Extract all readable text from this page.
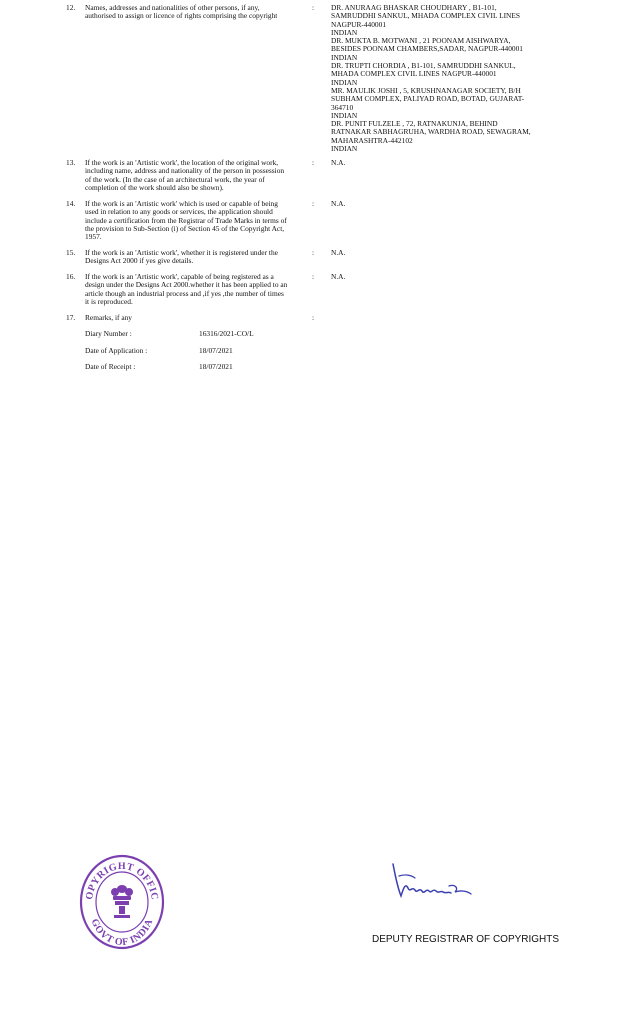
12.	Names, addresses and nationalities of other persons, if any,
authorised to assign or licence of rights comprising the copyright
:	DR. ANURAAG BHASKAR CHOUDHARY , B1-101,
SAMRUDDHI SANKUL, MHADA COMPLEX CIVIL LINES
NAGPUR-440001
INDIAN
DR. MUKTA B. MOTWANI , 21 POONAM AISHWARYA,
BESIDES POONAM CHAMBERS,SADAR, NAGPUR-440001
INDIAN
DR. TRUPTI CHORDIA , B1-101, SAMRUDDHI SANKUL,
MHADA COMPLEX CIVIL LINES NAGPUR-440001
INDIAN
MR. MAULIK JOSHI , 5, KRUSHNANAGAR SOCIETY, B/H
SUBHAM COMPLEX, PALIYAD ROAD, BOTAD, GUJARAT-
364710
INDIAN
DR. PUNIT FULZELE , 72, RATNAKUNJA, BEHIND
RATNAKAR SABHAGRUHA, WARDHA ROAD, SEWAGRAM,
MAHARASHTRA-442102
INDIAN
13.	If the work is an 'Artistic work', the location of the original work,
including name, address and nationality of the person in possession
of the work. (In the case of an architectural work, the year of
completion of the work should also be shown).
:	N.A.
14.	If the work is an 'Artistic work' which is used or capable of being
used in relation to any goods or services, the application should
include a certification from the Registrar of Trade Marks in terms of
the provision to Sub-Section (i) of Section 45 of the Copyright Act,
1957.
:	N.A.
15.	If the work is an 'Artistic work', whether it is registered under the
Designs Act 2000 if yes give details.
:	N.A.
16.	If the work is an 'Artistic work', capable of being registered as a
design under the Designs Act 2000.whether it has been applied to an
article though an industrial process and ,if yes ,the number of times
it is reproduced.
:	N.A.
17.	Remarks, if any	:
Diary Number :	16316/2021-CO/L
Date of Application :	18/07/2021
Date of Receipt :	18/07/2021
OPYRIGHT OFFIC
GOVT OF INDIA
DEPUTY REGISTRAR OF COPYRIGHTS
